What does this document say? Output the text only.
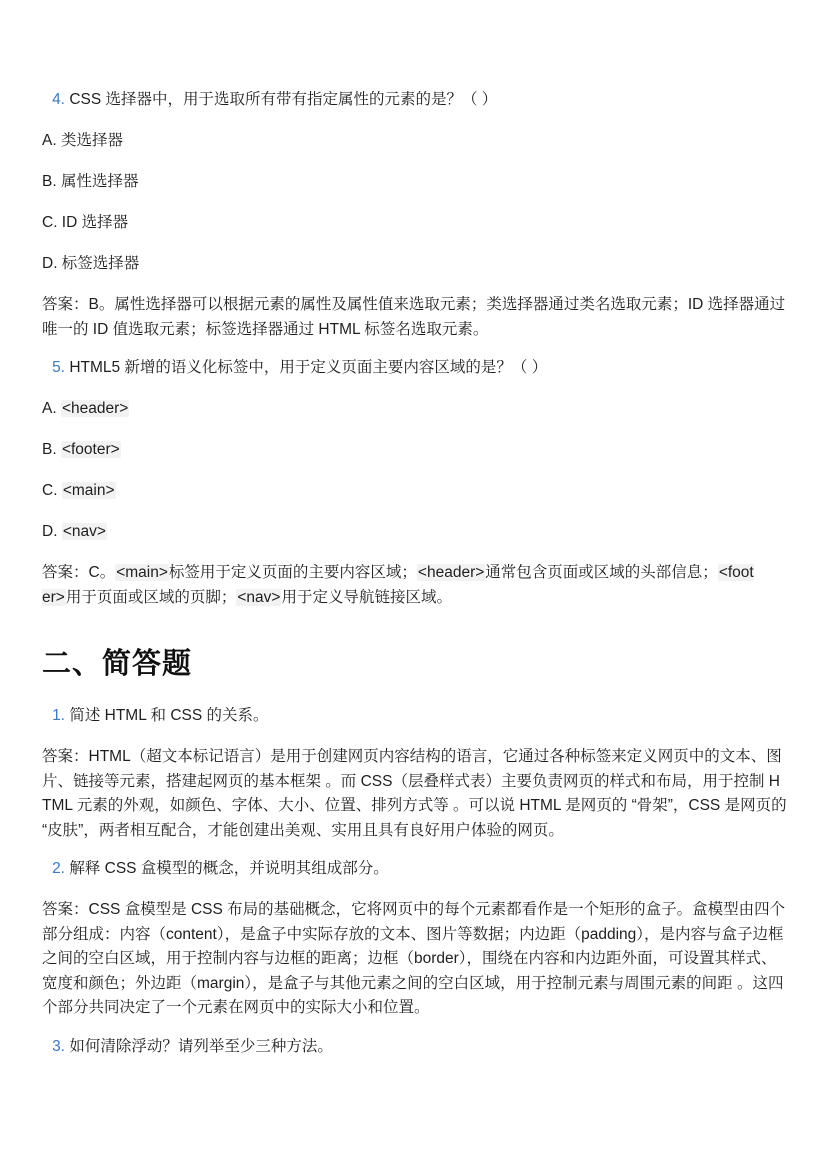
4. CSS 选择器中，用于选取所有带有指定属性的元素的是？（ ）
A. 类选择器
B. 属性选择器
C. ID 选择器
D. 标签选择器
答案：B。属性选择器可以根据元素的属性及属性值来选取元素；类选择器通过类名选取元素；ID 选择器通过唯一的 ID 值选取元素；标签选择器通过 HTML 标签名选取元素。
5. HTML5 新增的语义化标签中，用于定义页面主要内容区域的是？（ ）
A. <header>
B. <footer>
C. <main>
D. <nav>
答案：C。<main>标签用于定义页面的主要内容区域；<header>通常包含页面或区域的头部信息；<footer>用于页面或区域的页脚；<nav>用于定义导航链接区域。
二、简答题
1. 简述 HTML 和 CSS 的关系。
答案：HTML（超文本标记语言）是用于创建网页内容结构的语言，它通过各种标签来定义网页中的文本、图片、链接等元素，搭建起网页的基本框架 。而 CSS（层叠样式表）主要负责网页的样式和布局，用于控制 HTML 元素的外观，如颜色、字体、大小、位置、排列方式等 。可以说 HTML 是网页的 “骨架”，CSS 是网页的 “皮肤”，两者相互配合，才能创建出美观、实用且具有良好用户体验的网页。
2. 解释 CSS 盒模型的概念，并说明其组成部分。
答案：CSS 盒模型是 CSS 布局的基础概念，它将网页中的每个元素都看作是一个矩形的盒子。盒模型由四个部分组成：内容（content），是盒子中实际存放的文本、图片等数据；内边距（padding），是内容与盒子边框之间的空白区域，用于控制内容与边框的距离；边框（border），围绕在内容和内边距外面，可设置其样式、宽度和颜色；外边距（margin），是盒子与其他元素之间的空白区域，用于控制元素与周围元素的间距 。这四个部分共同决定了一个元素在网页中的实际大小和位置。
3. 如何清除浮动？请列举至少三种方法。
